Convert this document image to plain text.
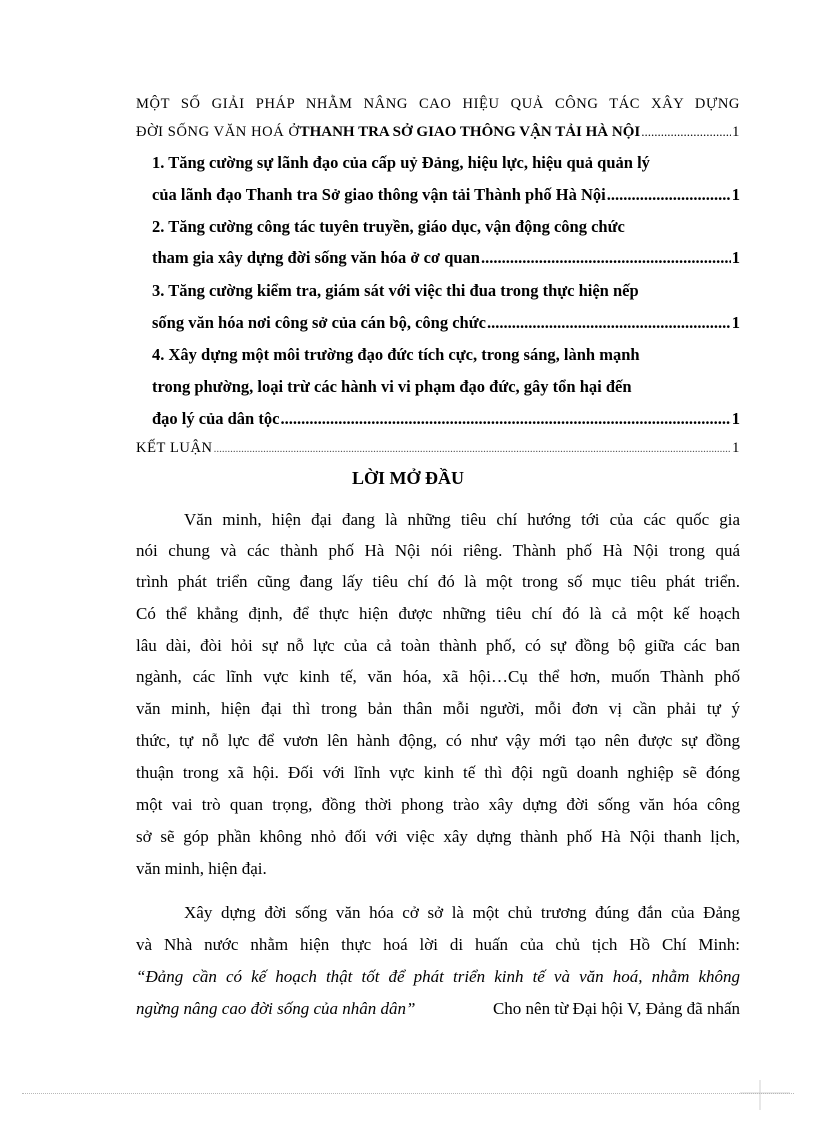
MỘT SỐ GIẢI PHÁP NHẰM NÂNG CAO HIỆU QUẢ CÔNG TÁC XÂY DỰNG
ĐỜI SỐNG VĂN HOÁ Ở THANH TRA SỞ GIAO THÔNG VẬN TẢI HÀ NỘI .....	1
1. Tăng cường sự lãnh đạo của cấp uỷ Đảng, hiệu lực, hiệu quả quản lý
của lãnh đạo Thanh tra Sở giao thông vận tải Thành phố Hà Nội .....	1
2. Tăng cường công tác tuyên truyền, giáo dục, vận động công chức
tham gia xây dựng đời sống văn hóa ở cơ quan .....	1
3. Tăng cường kiểm tra, giám sát với việc thi đua trong thực hiện nếp
sống văn hóa nơi công sở của cán bộ, công chức .....	1
4. Xây dựng một môi trường đạo đức tích cực, trong sáng, lành mạnh
trong phường, loại trừ các hành vi vi phạm đạo đức, gây tổn hại đến
đạo lý của dân tộc .....	1
KẾT LUẬN .....	1
LỜI MỞ ĐẦU
Văn minh, hiện đại đang là những tiêu chí hướng tới của các quốc gia
nói chung và các thành phố Hà Nội nói riêng. Thành phố Hà Nội trong quá
trình phát triển cũng đang lấy tiêu chí đó là một trong số mục tiêu phát triển.
Có thể khẳng định, để thực hiện được những tiêu chí đó là cả một kế hoạch
lâu dài, đòi hỏi sự nỗ lực của cả toàn thành phố, có sự đồng bộ giữa các ban
ngành, các lĩnh vực kinh tế, văn hóa, xã hội…Cụ thể hơn, muốn Thành phố
văn minh, hiện đại thì trong bản thân mỗi người, mỗi đơn vị cần phải tự ý
thức, tự nỗ lực để vươn lên hành động, có như vậy mới tạo nên được sự đồng
thuận trong xã hội. Đối với lĩnh vực kinh tế thì đội ngũ doanh nghiệp sẽ đóng
một vai trò quan trọng, đồng thời phong trào xây dựng đời sống văn hóa công
sở sẽ góp phần không nhỏ đối với việc xây dựng thành phố Hà Nội thanh lịch,
văn minh, hiện đại.
Xây dựng đời sống văn hóa cở sở là một chủ trương đúng đắn của Đảng
và Nhà nước nhằm hiện thực hoá lời di huấn của chủ tịch Hồ Chí Minh:
“Đảng cần có kế hoạch thật tốt để phát triển kinh tế và văn hoá, nhằm không
ngừng nâng cao đời sống của nhân dân”	Cho nên từ Đại hội V, Đảng đã nhấn
